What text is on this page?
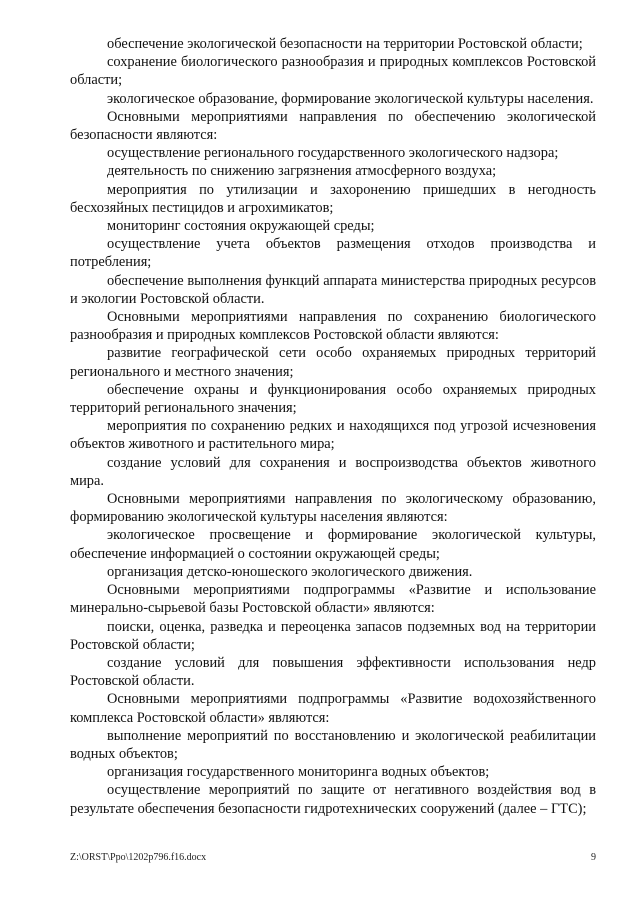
обеспечение экологической безопасности на территории Ростовской области;

сохранение биологического разнообразия и природных комплексов Ростовской области;

экологическое образование, формирование экологической культуры населения.

Основными мероприятиями направления по обеспечению экологической безопасности являются:

осуществление регионального государственного экологического надзора;

деятельность по снижению загрязнения атмосферного воздуха;

мероприятия по утилизации и захоронению пришедших в негодность бесхозяйных пестицидов и агрохимикатов;

мониторинг состояния окружающей среды;

осуществление учета объектов размещения отходов производства и потребления;

обеспечение выполнения функций аппарата министерства природных ресурсов и экологии Ростовской области.

Основными мероприятиями направления по сохранению биологического разнообразия и природных комплексов Ростовской области являются:

развитие географической сети особо охраняемых природных территорий регионального и местного значения;

обеспечение охраны и функционирования особо охраняемых природных территорий регионального значения;

мероприятия по сохранению редких и находящихся под угрозой исчезновения объектов животного и растительного мира;

создание условий для сохранения и воспроизводства объектов животного мира.

Основными мероприятиями направления по экологическому образованию, формированию экологической культуры населения являются:

экологическое просвещение и формирование экологической культуры, обеспечение информацией о состоянии окружающей среды;

организация детско-юношеского экологического движения.

Основными мероприятиями подпрограммы «Развитие и использование минерально-сырьевой базы Ростовской области» являются:

поиски, оценка, разведка и переоценка запасов подземных вод на территории Ростовской области;

создание условий для повышения эффективности использования недр Ростовской области.

Основными мероприятиями подпрограммы «Развитие водохозяйственного комплекса Ростовской области» являются:

выполнение мероприятий по восстановлению и экологической реабилитации водных объектов;

организация государственного мониторинга водных объектов;

осуществление мероприятий по защите от негативного воздействия вод в результате обеспечения безопасности гидротехнических сооружений (далее – ГТС);

Z:\ORST\Ppo\1202p796.f16.docx	9
